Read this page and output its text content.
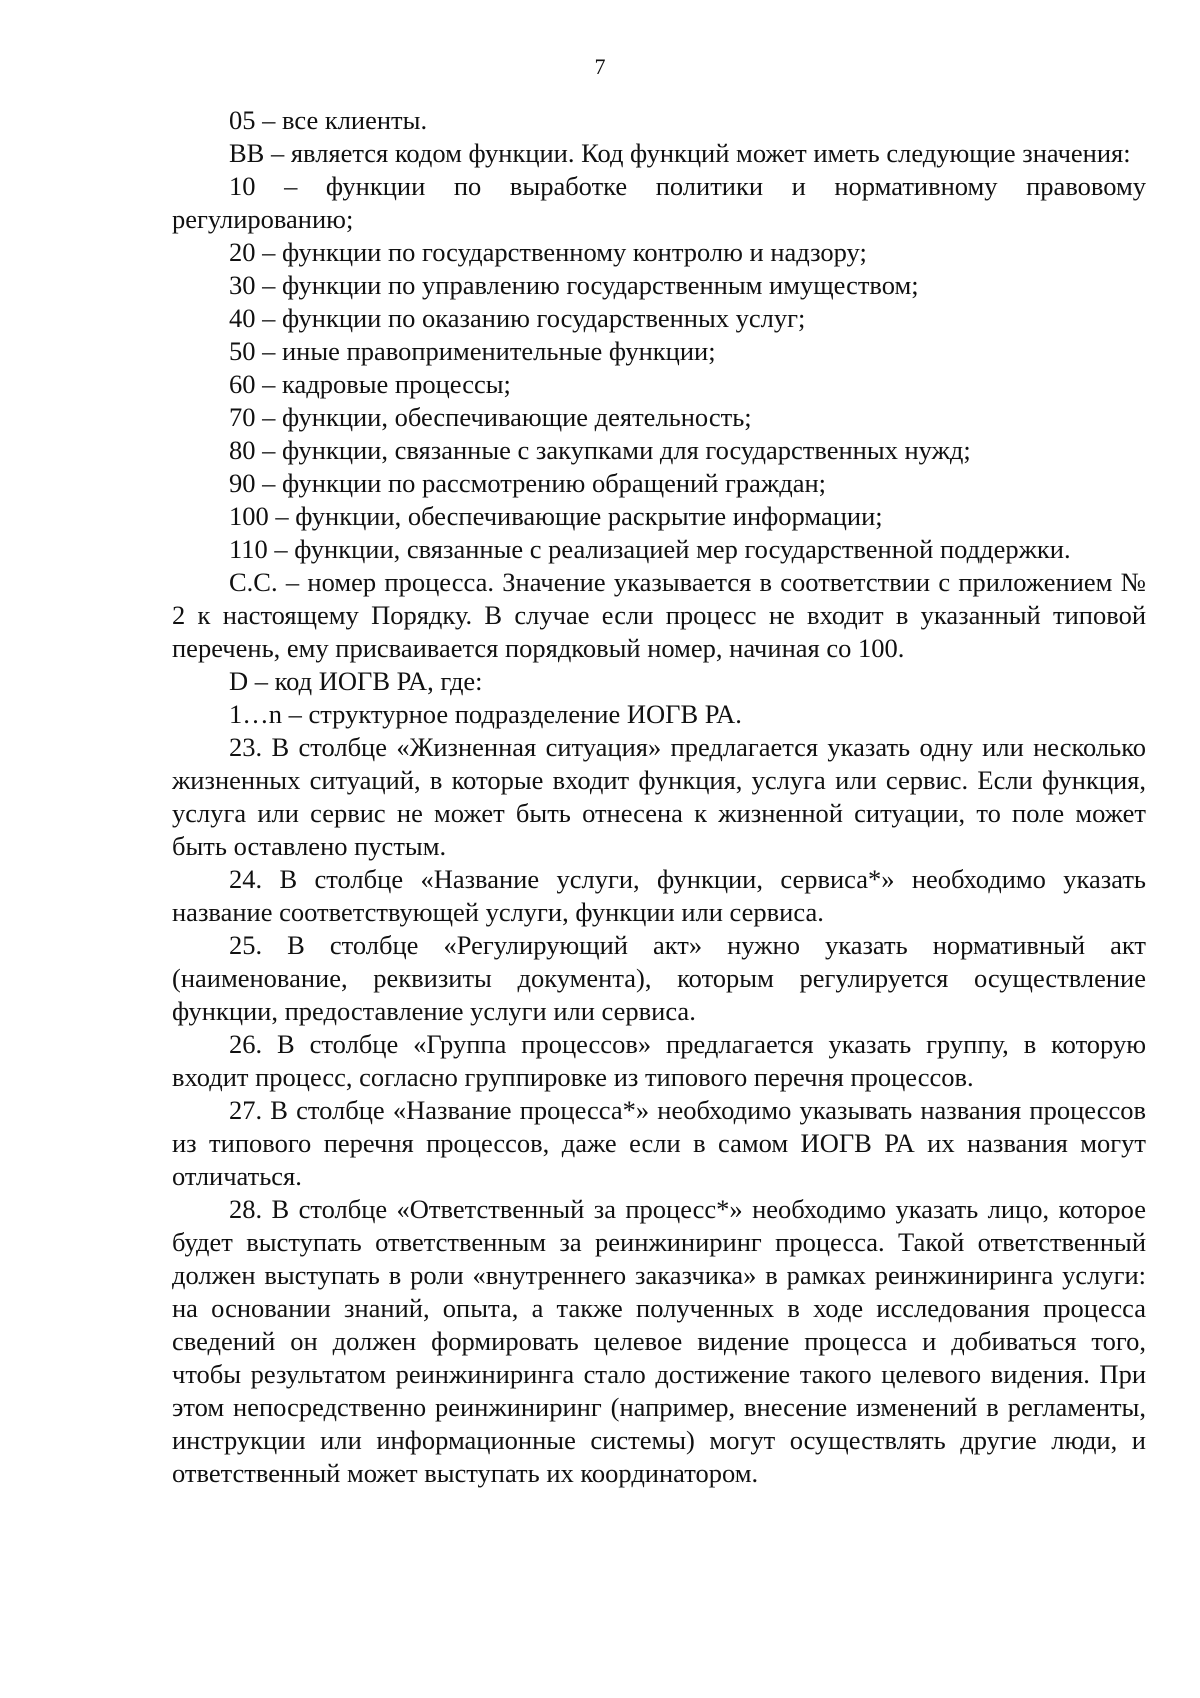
7

05 – все клиенты.

ВВ – является кодом функции. Код функций может иметь следующие значения:

10 – функции по выработке политики и нормативному правовому регулированию;

20 – функции по государственному контролю и надзору;

30 – функции по управлению государственным имуществом;

40 – функции по оказанию государственных услуг;

50 – иные правоприменительные функции;

60 – кадровые процессы;

70 – функции, обеспечивающие деятельность;

80 – функции, связанные с закупками для государственных нужд;

90 – функции по рассмотрению обращений граждан;

100 – функции, обеспечивающие раскрытие информации;

110 – функции, связанные с реализацией мер государственной поддержки.

С.С. – номер процесса. Значение указывается в соответствии с приложением № 2 к настоящему Порядку. В случае если процесс не входит в указанный типовой перечень, ему присваивается порядковый номер, начиная со 100.

D – код ИОГВ РА, где:

1…n – структурное подразделение ИОГВ РА.

23. В столбце «Жизненная ситуация» предлагается указать одну или несколько жизненных ситуаций, в которые входит функция, услуга или сервис. Если функция, услуга или сервис не может быть отнесена к жизненной ситуации, то поле может быть оставлено пустым.

24. В столбце «Название услуги, функции, сервиса*» необходимо указать название соответствующей услуги, функции или сервиса.

25. В столбце «Регулирующий акт» нужно указать нормативный акт (наименование, реквизиты документа), которым регулируется осуществление функции, предоставление услуги или сервиса.

26. В столбце «Группа процессов» предлагается указать группу, в которую входит процесс, согласно группировке из типового перечня процессов.

27. В столбце «Название процесса*» необходимо указывать названия процессов из типового перечня процессов, даже если в самом ИОГВ РА их названия могут отличаться.

28. В столбце «Ответственный за процесс*» необходимо указать лицо, которое будет выступать ответственным за реинжиниринг процесса. Такой ответственный должен выступать в роли «внутреннего заказчика» в рамках реинжиниринга услуги: на основании знаний, опыта, а также полученных в ходе исследования процесса сведений он должен формировать целевое видение процесса и добиваться того, чтобы результатом реинжиниринга стало достижение такого целевого видения. При этом непосредственно реинжиниринг (например, внесение изменений в регламенты, инструкции или информационные системы) могут осуществлять другие люди, и ответственный может выступать их координатором.
